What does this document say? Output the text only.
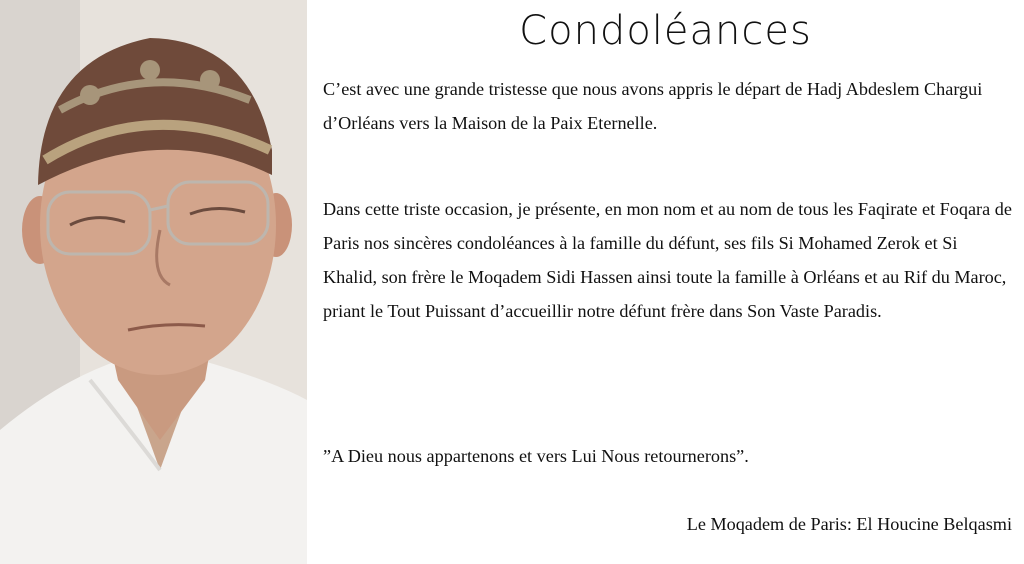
Condoléances

C’est avec une grande tristesse que nous avons appris le départ de Hadj Abdeslem Chargui d’Orléans vers la Maison de la Paix Eternelle.

Dans cette triste occasion, je présente, en mon nom et au nom de tous les Faqirate et Foqara de Paris nos sincères condoléances à la famille du défunt, ses fils Si Mohamed Zerok et Si Khalid, son frère le Moqadem Sidi Hassen ainsi toute la famille à Orléans et au Rif du Maroc, priant le Tout Puissant d’accueillir notre défunt frère dans Son Vaste Paradis.

”A Dieu nous appartenons et vers Lui Nous retournerons”.
Le Moqadem de Paris: El Houcine Belqasmi
